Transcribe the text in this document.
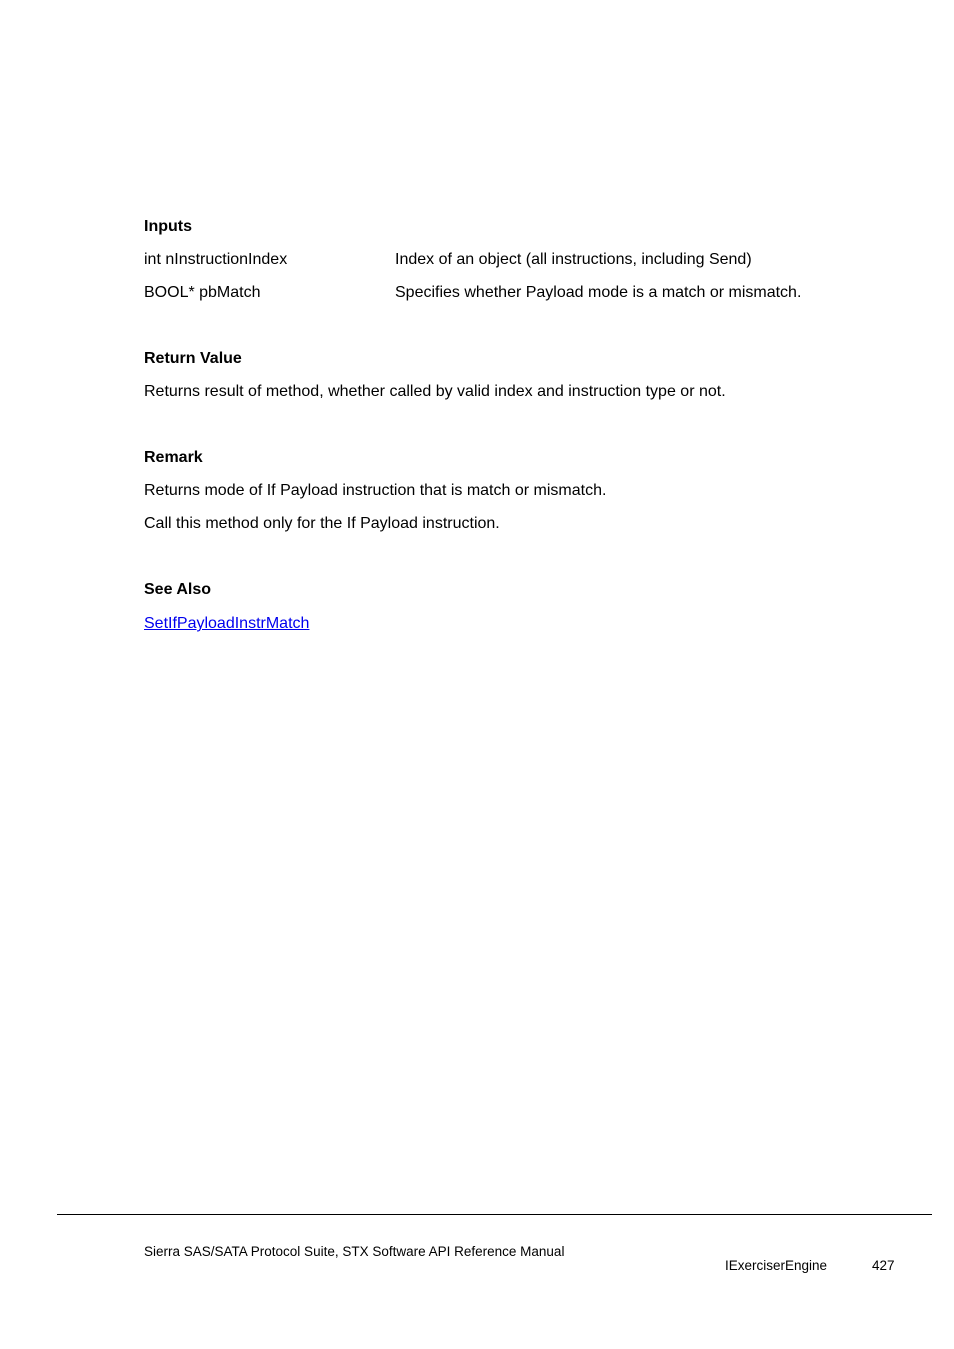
Inputs
int nInstructionIndex	Index of an object (all instructions, including Send)
BOOL* pbMatch	Specifies whether Payload mode is a match or mismatch.
Return Value
Returns result of method, whether called by valid index and instruction type or not.
Remark
Returns mode of If Payload instruction that is match or mismatch.
Call this method only for the If Payload instruction.
See Also
SetIfPayloadInstrMatch
Sierra SAS/SATA Protocol Suite, STX Software API Reference Manual
IExerciserEngine	427
